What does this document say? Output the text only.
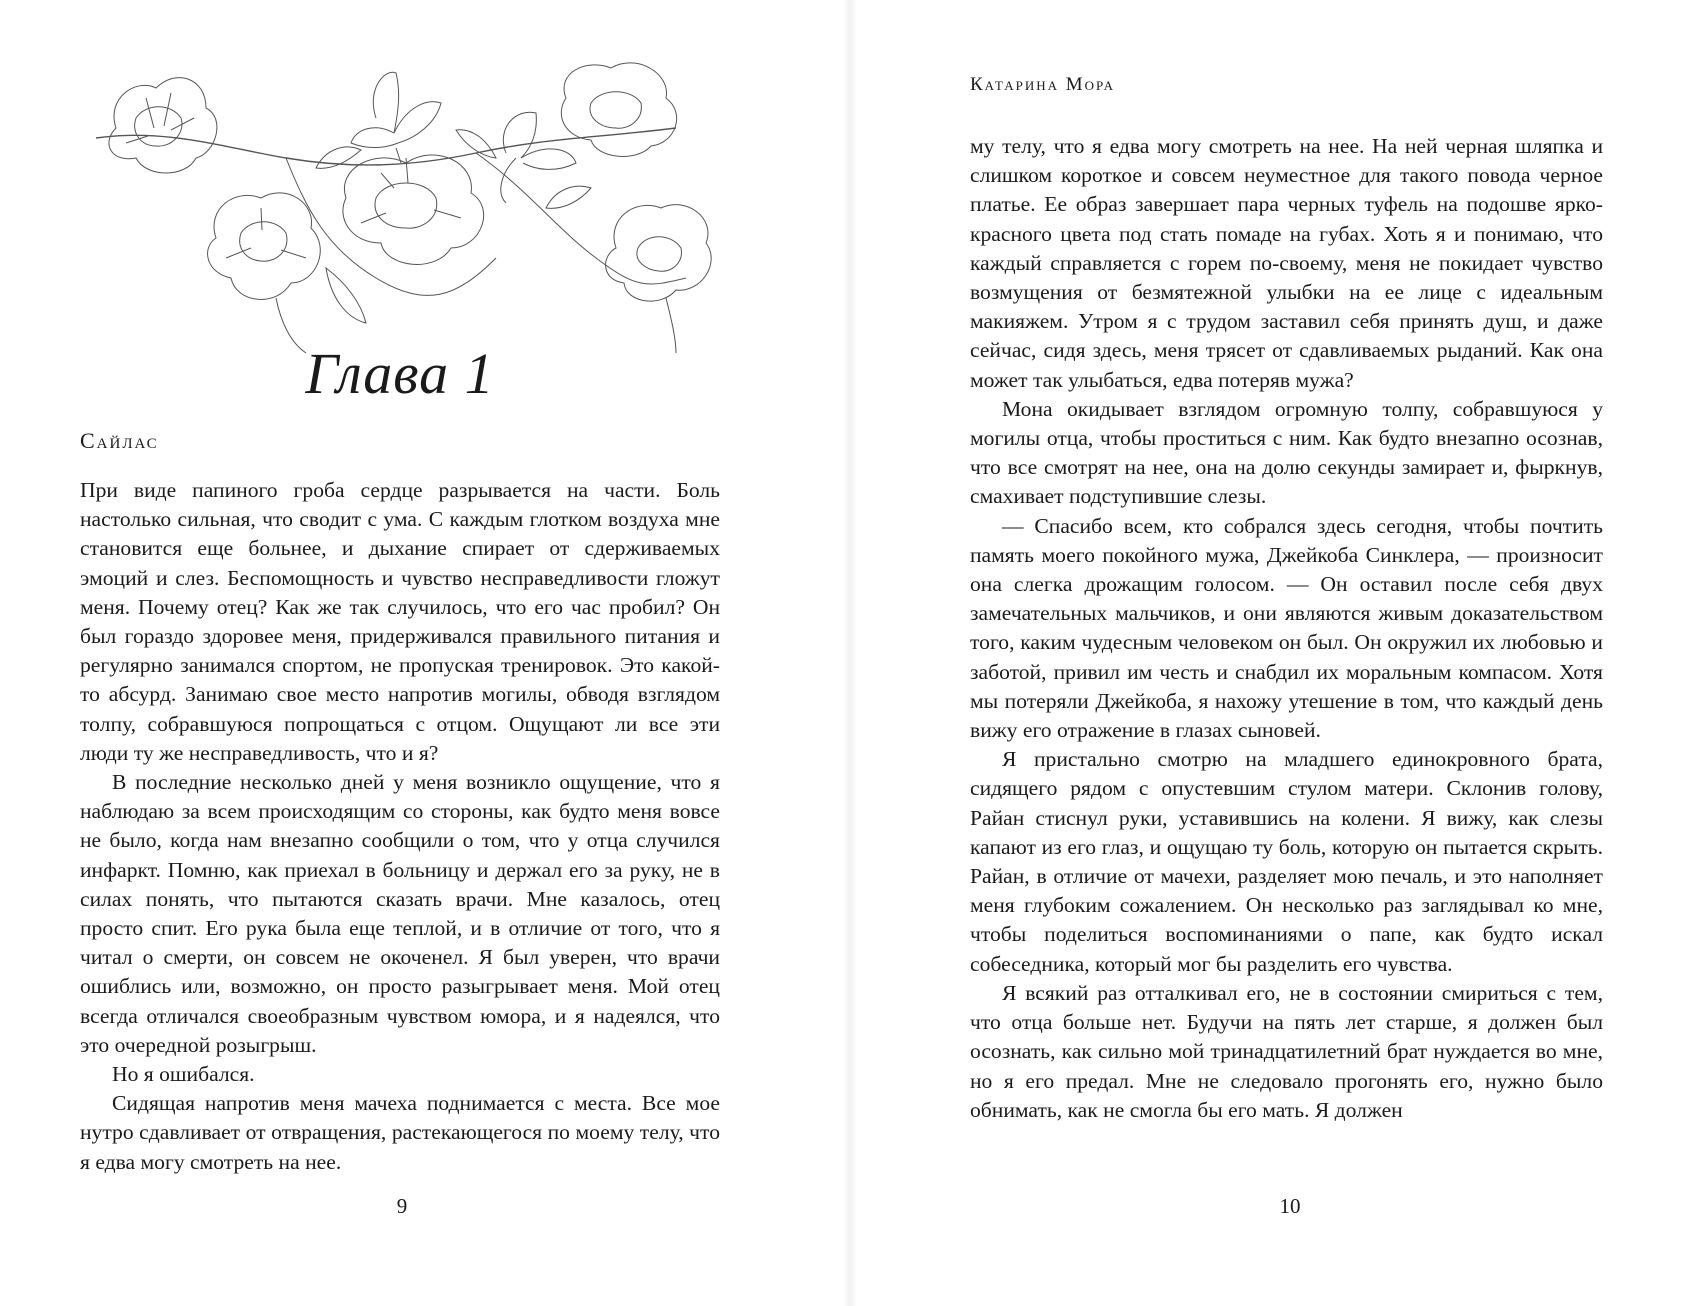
Глава 1
Сайлас

При виде папиного гроба сердце разрывается на части. Боль настолько сильная, что сводит с ума. С каждым глотком воздуха мне становится еще больнее, и дыхание спирает от сдерживаемых эмоций и слез. Беспомощность и чувство несправедливости гложут меня. Почему отец? Как же так случилось, что его час пробил? Он был гораздо здоровее меня, придерживался правильного питания и регулярно занимался спортом, не пропуская тренировок. Это какой-то абсурд. Занимаю свое место напротив могилы, обводя взглядом толпу, собравшуюся попрощаться с отцом. Ощущают ли все эти люди ту же несправедливость, что и я?

В последние несколько дней у меня возникло ощущение, что я наблюдаю за всем происходящим со стороны, как будто меня вовсе не было, когда нам внезапно сообщили о том, что у отца случился инфаркт. Помню, как приехал в больницу и держал его за руку, не в силах понять, что пытаются сказать врачи. Мне казалось, отец просто спит. Его рука была еще теплой, и в отличие от того, что я читал о смерти, он совсем не окоченел. Я был уверен, что врачи ошиблись или, возможно, он просто разыгрывает меня. Мой отец всегда отличался своеобразным чувством юмора, и я надеялся, что это очередной розыгрыш.

Но я ошибался.

Сидящая напротив меня мачеха поднимается с места. Все мое нутро сдавливает от отвращения, растекающегося по моему телу, что я едва могу смотреть на нее.

9
Катарина Мора

му телу, что я едва могу смотреть на нее. На ней черная шляпка и слишком короткое и совсем неуместное для такого повода черное платье. Ее образ завершает пара черных туфель на подошве ярко-красного цвета под стать помаде на губах. Хоть я и понимаю, что каждый справляется с горем по-своему, меня не покидает чувство возмущения от безмятежной улыбки на ее лице с идеальным макияжем. Утром я с трудом заставил себя принять душ, и даже сейчас, сидя здесь, меня трясет от сдавливаемых рыданий. Как она может так улыбаться, едва потеряв мужа?

Мона окидывает взглядом огромную толпу, собравшуюся у могилы отца, чтобы проститься с ним. Как будто внезапно осознав, что все смотрят на нее, она на долю секунды замирает и, фыркнув, смахивает подступившие слезы.

— Спасибо всем, кто собрался здесь сегодня, чтобы почтить память моего покойного мужа, Джейкоба Синклера, — произносит она слегка дрожащим голосом. — Он оставил после себя двух замечательных мальчиков, и они являются живым доказательством того, каким чудесным человеком он был. Он окружил их любовью и заботой, привил им честь и снабдил их моральным компасом. Хотя мы потеряли Джейкоба, я нахожу утешение в том, что каждый день вижу его отражение в глазах сыновей.

Я пристально смотрю на младшего единокровного брата, сидящего рядом с опустевшим стулом матери. Склонив голову, Райан стиснул руки, уставившись на колени. Я вижу, как слезы капают из его глаз, и ощущаю ту боль, которую он пытается скрыть. Райан, в отличие от мачехи, разделяет мою печаль, и это наполняет меня глубоким сожалением. Он несколько раз заглядывал ко мне, чтобы поделиться воспоминаниями о папе, как будто искал собеседника, который мог бы разделить его чувства.

Я всякий раз отталкивал его, не в состоянии смириться с тем, что отца больше нет. Будучи на пять лет старше, я должен был осознать, как сильно мой тринадцатилетний брат нуждается во мне, но я его предал. Мне не следовало прогонять его, нужно было обнимать, как не смогла бы его мать. Я должен

10
